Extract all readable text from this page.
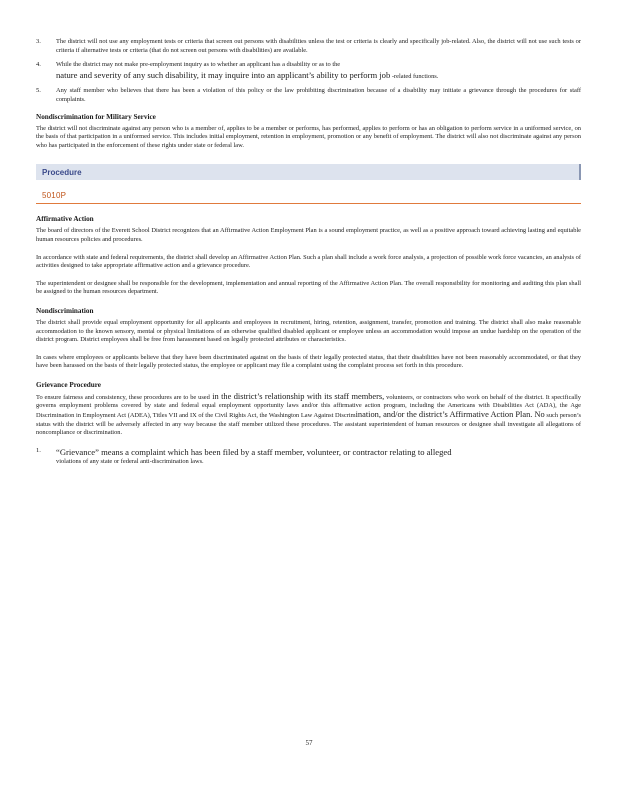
3.	The district will not use any employment tests or criteria that screen out persons with disabilities unless the test or criteria is clearly and specifically job-related. Also, the district will not use such tests or criteria if alternative tests or criteria (that do not screen out persons with disabilities) are available.

4.	While the district may not make pre-employment inquiry as to whether an applicant has a disability or as to the
nature and severity of any such disability, it may inquire into an applicant’s ability to perform job -related functions.

5.	Any staff member who believes that there has been a violation of this policy or the law prohibiting discrimination because of a disability may initiate a grievance through the procedures for staff complaints.

Nondiscrimination for Military Service

The district will not discriminate against any person who is a member of, applies to be a member or performs, has performed, applies to perform or has an obligation to perform service in a uniformed service, on the basis of that participation in a uniformed service. This includes initial employment, retention in employment, promotion or any benefit of employment. The district will also not discriminate against any person who has participated in the enforcement of these rights under state or federal law.

Procedure
5010P
Affirmative Action

The board of directors of the Everett School District recognizes that an Affirmative Action Employment Plan is a sound employment practice, as well as a positive approach toward achieving lasting and equitable human resources policies and procedures.

In accordance with state and federal requirements, the district shall develop an Affirmative Action Plan. Such a plan shall include a work force analysis, a projection of possible work force vacancies, an analysis of activities designed to take appropriate affirmative action and a grievance procedure.

The superintendent or designee shall be responsible for the development, implementation and annual reporting of the Affirmative Action Plan. The overall responsibility for monitoring and auditing this plan shall be assigned to the human resources department.

Nondiscrimination

The district shall provide equal employment opportunity for all applicants and employees in recruitment, hiring, retention, assignment, transfer, promotion and training. The district shall also make reasonable accommodation to the known sensory, mental or physical limitations of an otherwise qualified disabled applicant or employee unless an accommodation would impose an undue hardship on the operation of the district program. District employees shall be free from harassment based on legally protected attributes or characteristics.

In cases where employees or applicants believe that they have been discriminated against on the basis of their legally protected status, that their disabilities have not been reasonably accommodated, or that they have been harassed on the basis of their legally protected status, the employee or applicant may file a complaint using the complaint process set forth in this procedure.

Grievance Procedure

To ensure fairness and consistency, these procedures are to be used in the district’s relationship with its staff members, volunteers, or contractors who work on behalf of the district. It specifically governs employment problems covered by state and federal equal employment opportunity laws and/or this affirmative action program, including the Americans with Disabilities Act (ADA), the Age Discrimination in Employment Act (ADEA), Titles VII and IX of the Civil Rights Act, the Washington Law Against Discrimination, and/or the district’s Affirmative Action Plan. No such person’s status with the district will be adversely affected in any way because the staff member utilized these procedures. The assistant superintendent of human resources or designee shall investigate all allegations of noncompliance or discrimination.

1.	“Grievance” means a complaint which has been filed by a staff member, volunteer, or contractor relating to alleged
violations of any state or federal anti-discrimination laws.

57
